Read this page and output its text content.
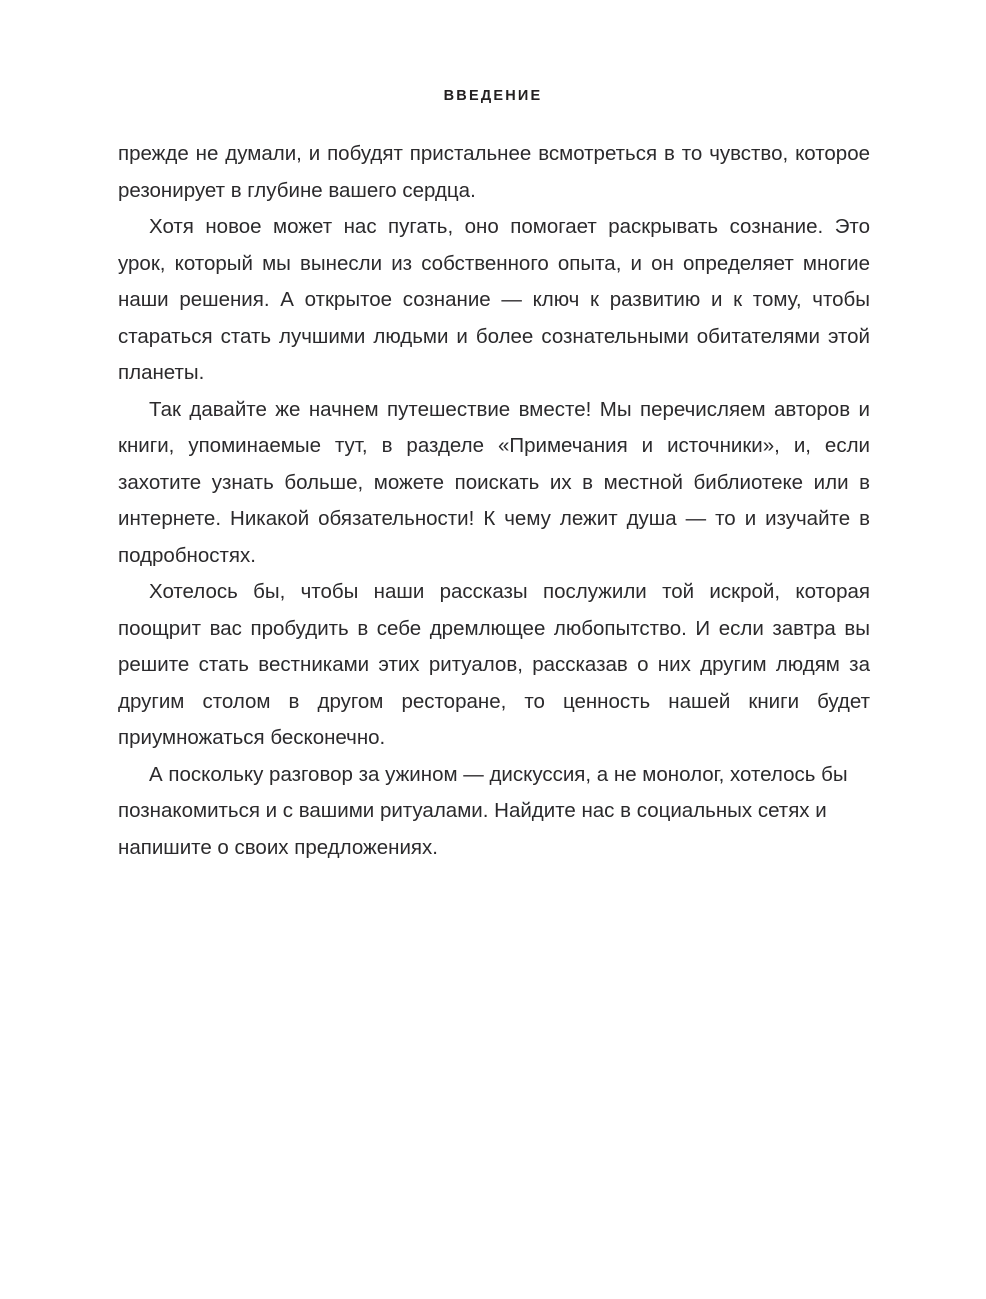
ВВЕДЕНИЕ

прежде не думали, и побудят пристальнее всмотреться в то чувство, которое резонирует в глубине вашего сердца.

Хотя новое может нас пугать, оно помогает раскрывать сознание. Это урок, который мы вынесли из собственного опыта, и он определяет многие наши решения. А открытое сознание — ключ к развитию и к тому, чтобы стараться стать лучшими людьми и более сознательными обитателями этой планеты.

Так давайте же начнем путешествие вместе! Мы перечисляем авторов и книги, упоминаемые тут, в разделе «Примечания и источники», и, если захотите узнать больше, можете поискать их в местной библиотеке или в интернете. Никакой обязательности! К чему лежит душа — то и изучайте в подробностях.

Хотелось бы, чтобы наши рассказы послужили той искрой, которая поощрит вас пробудить в себе дремлющее любопытство. И если завтра вы решите стать вестниками этих ритуалов, рассказав о них другим людям за другим столом в другом ресторане, то ценность нашей книги будет приумножаться бесконечно.

А поскольку разговор за ужином — дискуссия, а не монолог, хотелось бы познакомиться и с вашими ритуалами. Найдите нас в социальных сетях и напишите о своих предложениях.
